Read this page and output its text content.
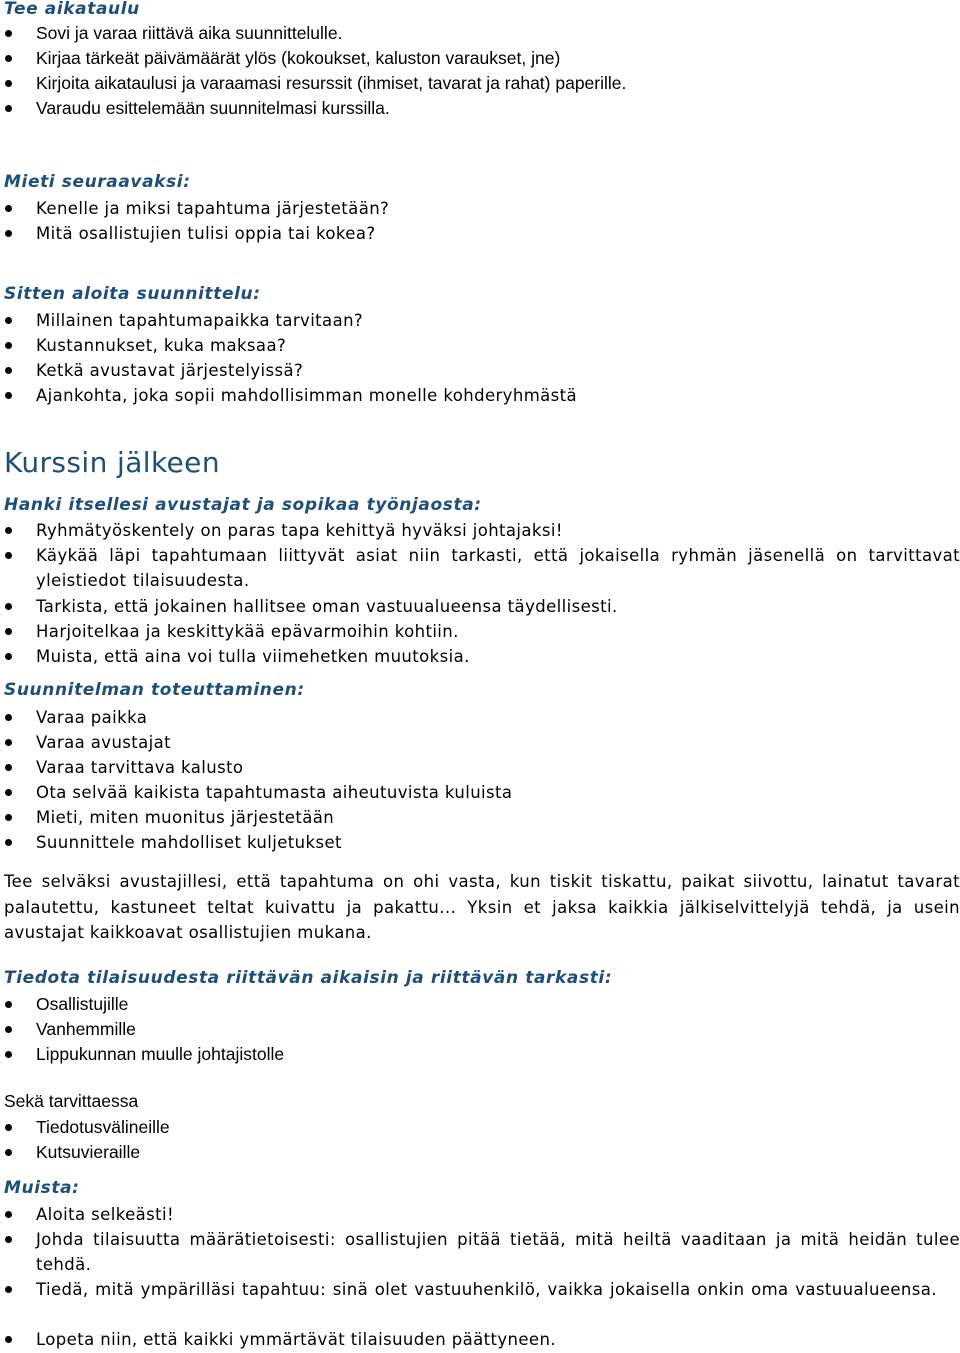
Tee aikataulu
Sovi ja varaa riittävä aika suunnittelulle.
Kirjaa tärkeät päivämäärät ylös (kokoukset, kaluston varaukset, jne)
Kirjoita aikataulusi ja varaamasi resurssit (ihmiset, tavarat ja rahat) paperille.
Varaudu esittelemään suunnitelmasi kurssilla.
Mieti seuraavaksi:
Kenelle ja miksi tapahtuma järjestetään?
Mitä osallistujien tulisi oppia tai kokea?
Sitten aloita suunnittelu:
Millainen tapahtumapaikka tarvitaan?
Kustannukset, kuka maksaa?
Ketkä avustavat järjestelyissä?
Ajankohta, joka sopii mahdollisimman monelle kohderyhmästä
Kurssin jälkeen
Hanki itsellesi avustajat ja sopikaa työnjaosta:
Ryhmätyöskentely on paras tapa kehittyä hyväksi johtajaksi!
Käykää läpi tapahtumaan liittyvät asiat niin tarkasti, että jokaisella ryhmän jäsenellä on tarvittavat yleistiedot tilaisuudesta.
Tarkista, että jokainen hallitsee oman vastuualueensa täydellisesti.
Harjoitelkaa ja keskittykää epävarmoihin kohtiin.
Muista, että aina voi tulla viimehetken muutoksia.
Suunnitelman toteuttaminen:
Varaa paikka
Varaa avustajat
Varaa tarvittava kalusto
Ota selvää kaikista tapahtumasta aiheutuvista kuluista
Mieti, miten muonitus järjestetään
Suunnittele mahdolliset kuljetukset

Tee selväksi avustajillesi, että tapahtuma on ohi vasta, kun tiskit tiskattu, paikat siivottu, lainatut tavarat palautettu, kastuneet teltat kuivattu ja pakattu... Yksin et jaksa kaikkia jälkiselvittelyjä tehdä, ja usein avustajat kaikkoavat osallistujien mukana.

Tiedota tilaisuudesta riittävän aikaisin ja riittävän tarkasti:
Osallistujille
Vanhemmille
Lippukunnan muulle johtajistolle
Sekä tarvittaessa
Tiedotusvälineille
Kutsuvieraille
Muista:
Aloita selkeästi!
Johda tilaisuutta määrätietoisesti: osallistujien pitää tietää, mitä heiltä vaaditaan ja mitä heidän tulee tehdä.
Tiedä, mitä ympärilläsi tapahtuu: sinä olet vastuuhenkilö, vaikka jokaisella onkin oma vastuualueensa.
Lopeta niin, että kaikki ymmärtävät tilaisuuden päättyneen.
